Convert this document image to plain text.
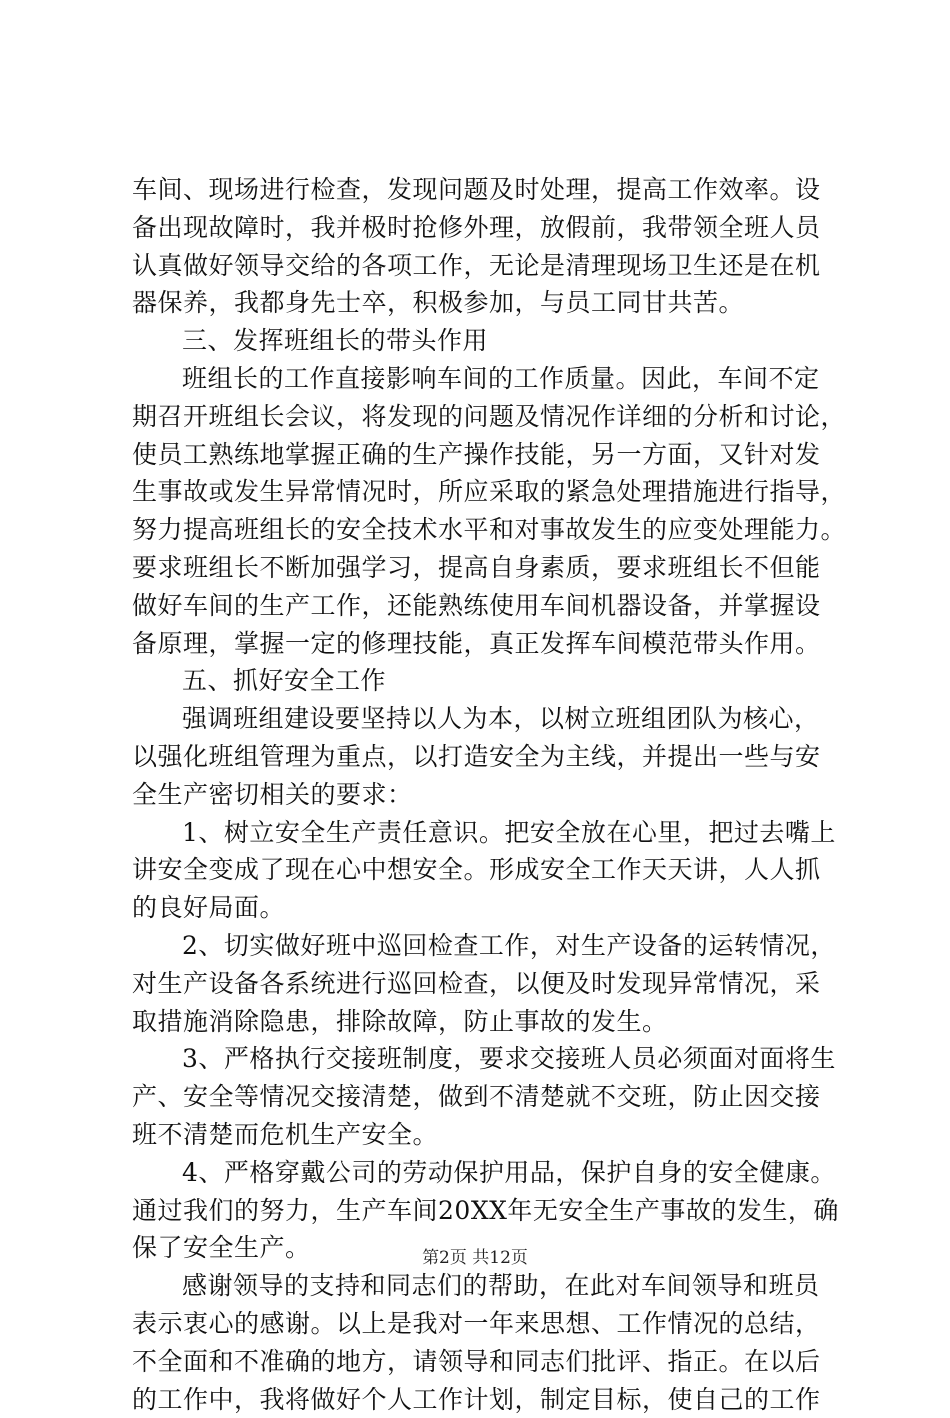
车间、现场进行检查，发现问题及时处理，提高工作效率。设
备出现故障时，我并极时抢修外理，放假前，我带领全班人员
认真做好领导交给的各项工作，无论是清理现场卫生还是在机
器保养，我都身先士卒，积极参加，与员工同甘共苦。
三、发挥班组长的带头作用
班组长的工作直接影响车间的工作质量。因此，车间不定
期召开班组长会议，将发现的问题及情况作详细的分析和讨论，
使员工熟练地掌握正确的生产操作技能，另一方面，又针对发
生事故或发生异常情况时，所应采取的紧急处理措施进行指导，
努力提高班组长的安全技术水平和对事故发生的应变处理能力。
要求班组长不断加强学习，提高自身素质，要求班组长不但能
做好车间的生产工作，还能熟练使用车间机器设备，并掌握设
备原理，掌握一定的修理技能，真正发挥车间模范带头作用。
五、抓好安全工作
强调班组建设要坚持以人为本，以树立班组团队为核心，
以强化班组管理为重点，以打造安全为主线，并提出一些与安
全生产密切相关的要求：
1、树立安全生产责任意识。把安全放在心里，把过去嘴上
讲安全变成了现在心中想安全。形成安全工作天天讲，人人抓
的良好局面。
2、切实做好班中巡回检查工作，对生产设备的运转情况，
对生产设备各系统进行巡回检查，以便及时发现异常情况，采
取措施消除隐患，排除故障，防止事故的发生。
3、严格执行交接班制度，要求交接班人员必须面对面将生
产、安全等情况交接清楚，做到不清楚就不交班，防止因交接
班不清楚而危机生产安全。
4、严格穿戴公司的劳动保护用品，保护自身的安全健康。
通过我们的努力，生产车间20XX年无安全生产事故的发生，确
保了安全生产。
感谢领导的支持和同志们的帮助，在此对车间领导和班员
表示衷心的感谢。以上是我对一年来思想、工作情况的总结，
不全面和不准确的地方，请领导和同志们批评、指正。在以后
的工作中，我将做好个人工作计划，制定目标，使自己的工作
第2页 共12页
